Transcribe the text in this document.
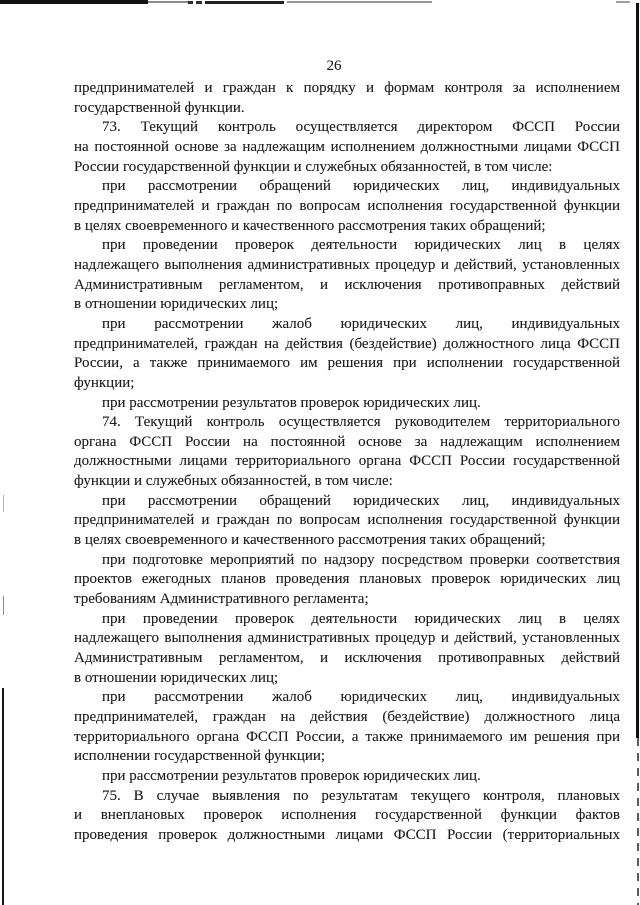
26
предпринимателей и граждан к порядку и формам контроля за исполнением
государственной функции.
73. Текущий контроль осуществляется директором ФССП России
на постоянной основе за надлежащим исполнением должностными лицами ФССП
России государственной функции и служебных обязанностей, в том числе:
при рассмотрении обращений юридических лиц, индивидуальных
предпринимателей и граждан по вопросам исполнения государственной функции
в целях своевременного и качественного рассмотрения таких обращений;
при проведении проверок деятельности юридических лиц в целях
надлежащего выполнения административных процедур и действий, установленных
Административным регламентом, и исключения противоправных действий
в отношении юридических лиц;
при рассмотрении жалоб юридических лиц, индивидуальных
предпринимателей, граждан на действия (бездействие) должностного лица ФССП
России, а также принимаемого им решения при исполнении государственной
функции;
при рассмотрении результатов проверок юридических лиц.
74. Текущий контроль осуществляется руководителем территориального
органа ФССП России на постоянной основе за надлежащим исполнением
должностными лицами территориального органа ФССП России государственной
функции и служебных обязанностей, в том числе:
при рассмотрении обращений юридических лиц, индивидуальных
предпринимателей и граждан по вопросам исполнения государственной функции
в целях своевременного и качественного рассмотрения таких обращений;
при подготовке мероприятий по надзору посредством проверки соответствия
проектов ежегодных планов проведения плановых проверок юридических лиц
требованиям Административного регламента;
при проведении проверок деятельности юридических лиц в целях
надлежащего выполнения административных процедур и действий, установленных
Административным регламентом, и исключения противоправных действий
в отношении юридических лиц;
при рассмотрении жалоб юридических лиц, индивидуальных
предпринимателей, граждан на действия (бездействие) должностного лица
территориального органа ФССП России, а также принимаемого им решения при
исполнении государственной функции;
при рассмотрении результатов проверок юридических лиц.
75. В случае выявления по результатам текущего контроля, плановых
и внеплановых проверок исполнения государственной функции фактов
проведения проверок должностными лицами ФССП России (территориальных
